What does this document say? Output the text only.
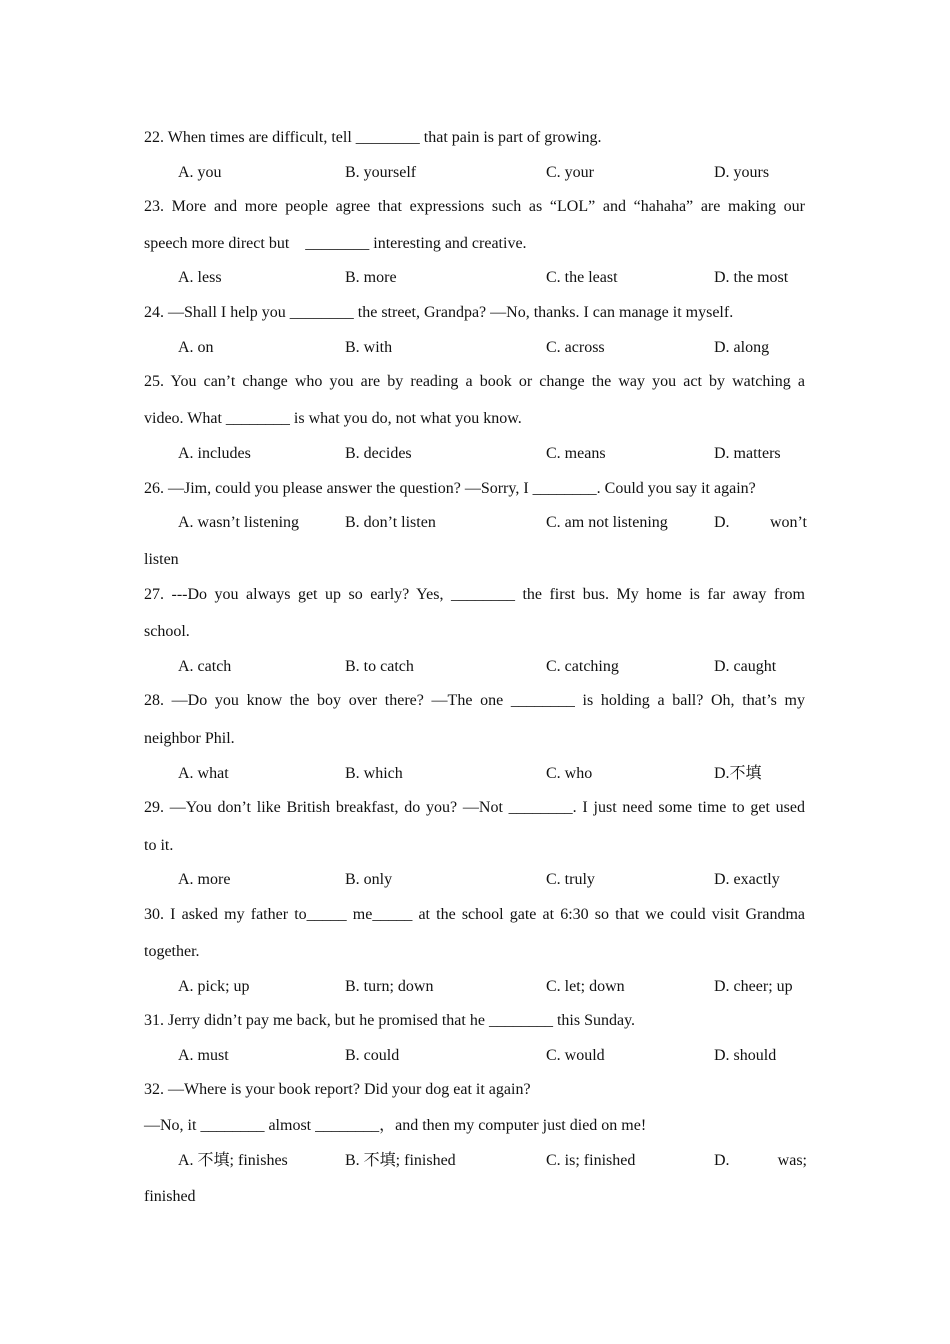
22. When times are difficult, tell ________ that pain is part of growing.
A. you	B. yourself	C. your	D. yours
23. More and more people agree that expressions such as “LOL” and “hahaha” are making our
speech more direct but　________ interesting and creative.
A. less	B. more	C. the least	D. the most
24. —Shall I help you ________ the street, Grandpa? —No, thanks. I can manage it myself.
A. on	B. with	C. across	D. along
25. You can’t change who you are by reading a book or change the way you act by watching a
video. What ________ is what you do, not what you know.
A. includes	B. decides	C. means	D. matters
26. —Jim, could you please answer the question? —Sorry, I ________. Could you say it again?
A. wasn’t listening	B. don’t listen	C. am not listening	D.	won’t
listen
27. ---Do you always get up so early? Yes, ________ the first bus. My home is far away from
school.
A. catch	B. to catch	C. catching	D. caught
28. —Do you know the boy over there? —The one ________ is holding a ball? Oh, that’s my
neighbor Phil.
A. what	B. which	C. who	D.不填
29. —You don’t like British breakfast, do you? —Not ________. I just need some time to get used
to it.
A. more	B. only	C. truly	D. exactly
30. I asked my father to_____ me_____ at the school gate at 6:30 so that we could visit Grandma
together.
A. pick; up	B. turn; down	C. let; down	D. cheer; up
31. Jerry didn’t pay me back, but he promised that he ________ this Sunday.
A. must	B. could	C. would	D. should
32. —Where is your book report? Did your dog eat it again?
—No, it ________ almost ________，and then my computer just died on me!
A. 不填; finishes	B. 不填; finished	C. is; finished	D.	was;
finished
